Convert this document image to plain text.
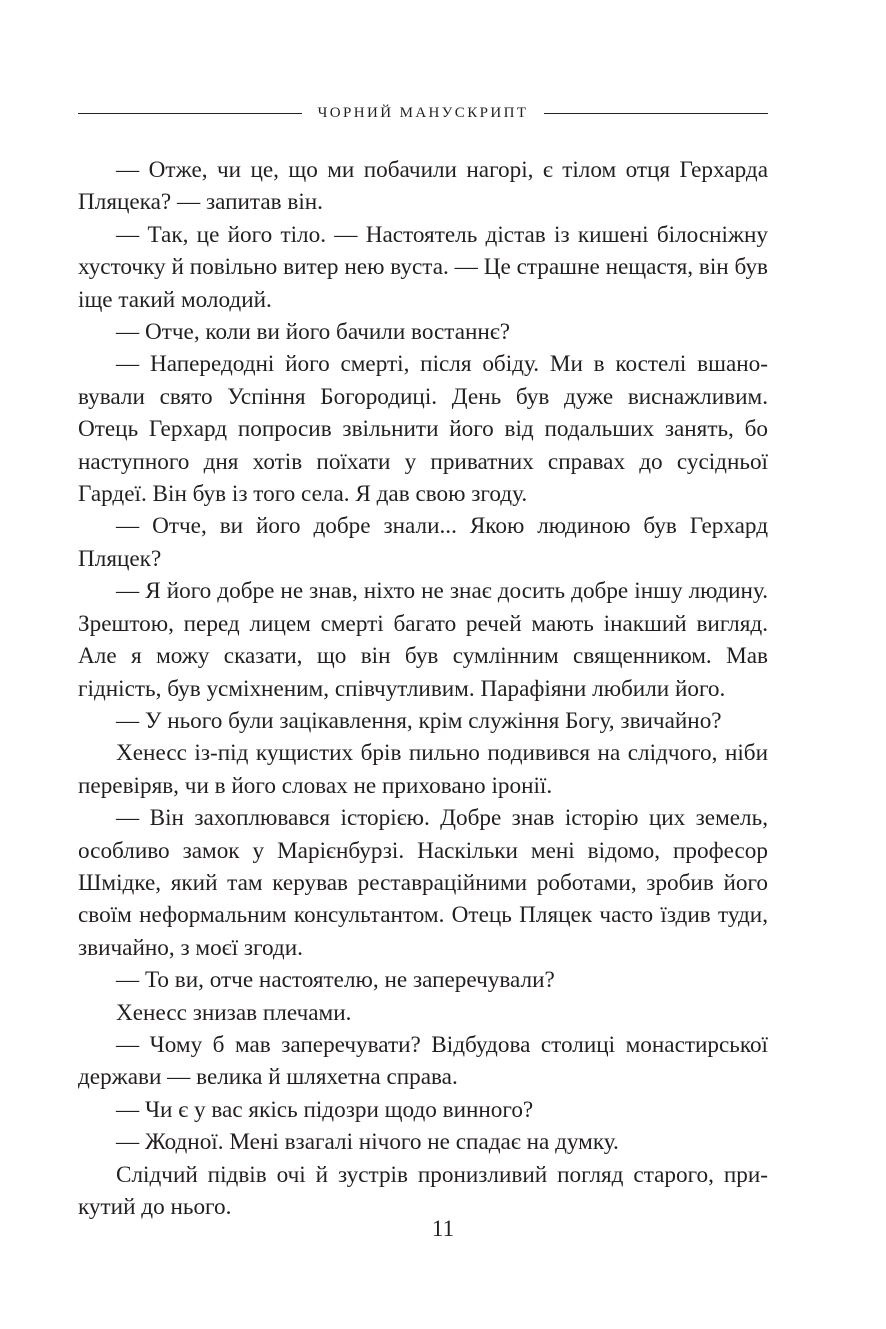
ЧОРНИЙ МАНУСКРИПТ

— Отже, чи це, що ми побачили нагорі, є тілом отця Герхарда Пляцека? — запитав він.

— Так, це його тіло. — Настоятель дістав із кишені білосніжну хусточку й повільно витер нею вуста. — Це страшне нещастя, він був іще такий молодий.

— Отче, коли ви його бачили востаннє?

— Напередодні його смерті, після обіду. Ми в костелі вшановували свято Успіння Богородиці. День був дуже виснажливим. Отець Герхард попросив звільнити його від подальших занять, бо наступного дня хотів поїхати у приватних справах до сусідньої Гардеї. Він був із того села. Я дав свою згоду.

— Отче, ви його добре знали... Якою людиною був Герхард Пляцек?

— Я його добре не знав, ніхто не знає досить добре іншу людину. Зрештою, перед лицем смерті багато речей мають інакший вигляд. Але я можу сказати, що він був сумлінним священником. Мав гідність, був усміхненим, співчутливим. Парафіяни любили його.

— У нього були зацікавлення, крім служіння Богу, звичайно?

Хенесс із-під кущистих брів пильно подивився на слідчого, ніби перевіряв, чи в його словах не приховано іронії.

— Він захоплювався історією. Добре знав історію цих земель, особливо замок у Марієнбурзі. Наскільки мені відомо, професор Шмідке, який там керував реставраційними роботами, зробив його своїм неформальним консультантом. Отець Пляцек часто їздив туди, звичайно, з моєї згоди.

— То ви, отче настоятелю, не заперечували?

Хенесс знизав плечами.

— Чому б мав заперечувати? Відбудова столиці монастирської держави — велика й шляхетна справа.

— Чи є у вас якісь підозри щодо винного?

— Жодної. Мені взагалі нічого не спадає на думку.

Слідчий підвів очі й зустрів пронизливий погляд старого, прикутий до нього.

11
